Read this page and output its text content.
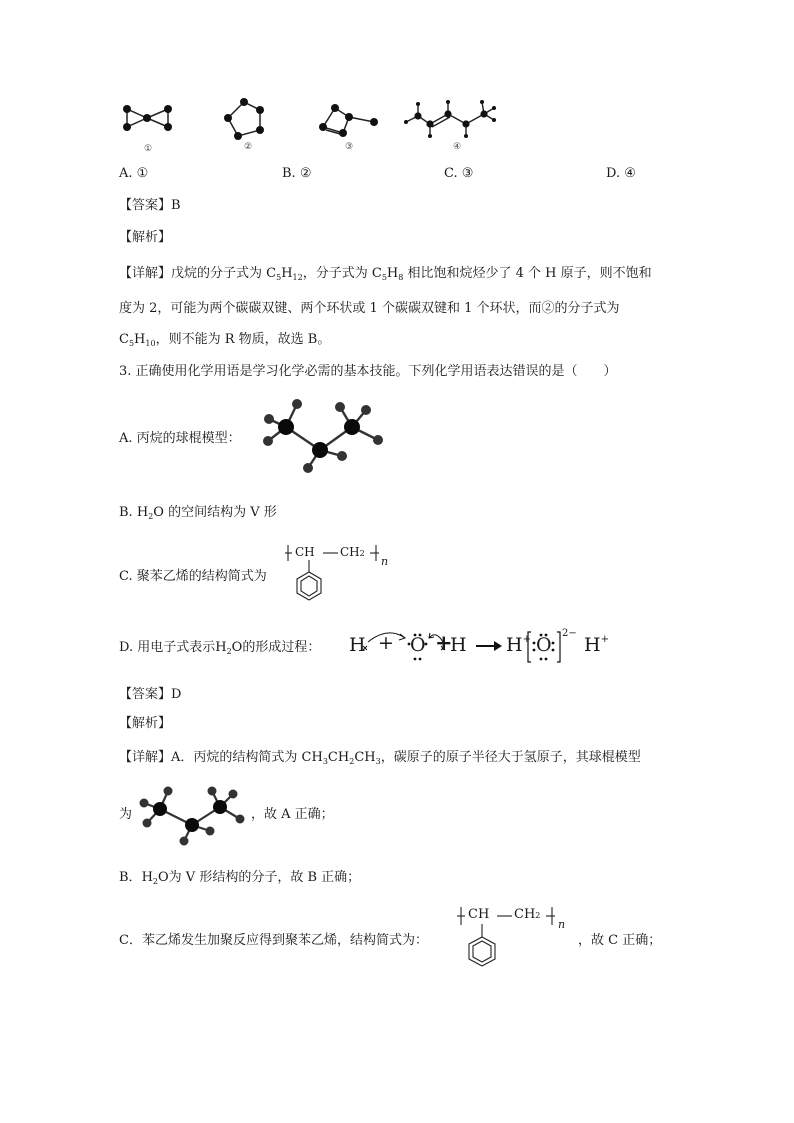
①	②	③	④
A. ①	B. ②	C. ③	D. ④
【答案】B
【解析】
【详解】戊烷的分子式为 $C_5H_{12}$，分子式为 $C_5H_8$ 相比饱和烷烃少了 4 个 H 原子，则不饱和
度为 2，可能为两个碳碳双键、两个环状或 1 个碳碳双键和 1 个环状，而②的分子式为
$C_5H_{10}$，则不能为 R 物质，故选 B。
3. 正确使用化学用语是学习化学必需的基本技能。下列化学用语表达错误的是（　　）
A. 丙烷的球棍模型：
B. $H_2O$ 的空间结构为 V 形
C. 聚苯乙烯的结构简式为
CH CH2
n
D. 用电子式表示$H_2O$的形成过程： H + O +
H H+ O
2−
H+
【答案】D
【解析】
【详解】A．丙烷的结构简式为 $CH_3CH_2CH_3$，碳原子的原子半径大于氢原子，其球棍模型
为	，故 A 正确；
B．$H_2O$为 V 形结构的分子，故 B 正确；
C．苯乙烯发生加聚反应得到聚苯乙烯，结构简式为：
CH CH2
n
，故 C 正确；
